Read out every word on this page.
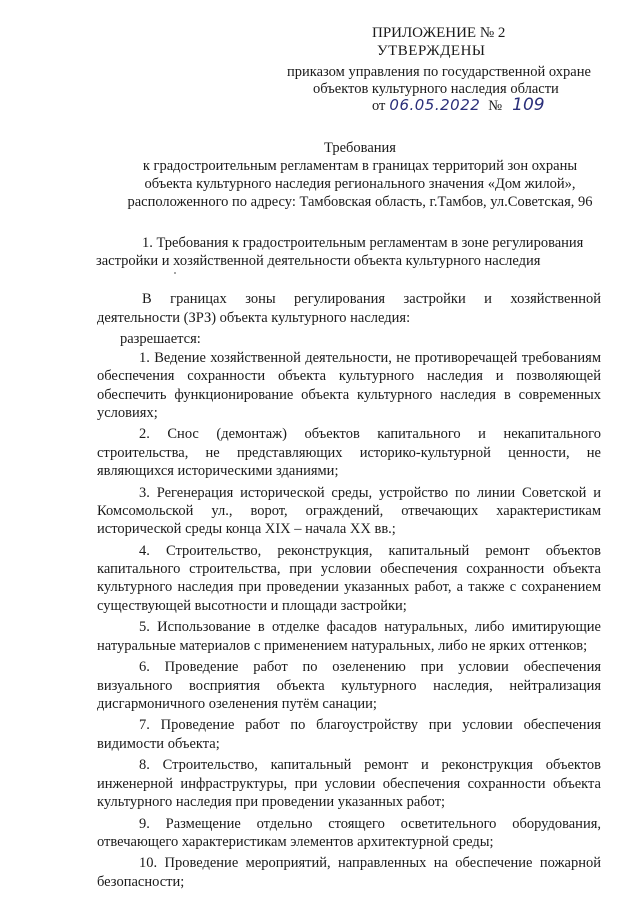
ПРИЛОЖЕНИЕ № 2
УТВЕРЖДЕНЫ
приказом управления по государственной охране
объектов культурного наследия области
от 06.05.2022 № 109
Требования
к градостроительным регламентам в границах территорий зон охраны
объекта культурного наследия регионального значения «Дом жилой»,
расположенного по адресу: Тамбовская область, г.Тамбов, ул.Советская, 96
1. Требования к градостроительным регламентам в зоне регулирования
застройки и хозяйственной деятельности объекта культурного наследия
В границах зоны регулирования застройки и хозяйственной
деятельности (ЗРЗ) объекта культурного наследия:
разрешается:
1. Ведение хозяйственной деятельности, не противоречащей требованиям обеспечения сохранности объекта культурного наследия и позволяющей обеспечить функционирование объекта культурного наследия в современных условиях;
2. Снос (демонтаж) объектов капитального и некапитального строительства, не представляющих историко-культурной ценности, не являющихся историческими зданиями;
3. Регенерация исторической среды, устройство по линии Советской и Комсомольской ул., ворот, ограждений, отвечающих характеристикам исторической среды конца XIX – начала XX вв.;
4. Строительство, реконструкция, капитальный ремонт объектов капитального строительства, при условии обеспечения сохранности объекта культурного наследия при проведении указанных работ, а также с сохранением существующей высотности и площади застройки;
5. Использование в отделке фасадов натуральных, либо имитирующие натуральные материалов с применением натуральных, либо не ярких оттенков;
6. Проведение работ по озеленению при условии обеспечения визуального восприятия объекта культурного наследия, нейтрализация дисгармоничного озеленения путём санации;
7. Проведение работ по благоустройству при условии обеспечения видимости объекта;
8. Строительство, капитальный ремонт и реконструкция объектов инженерной инфраструктуры, при условии обеспечения сохранности объекта культурного наследия при проведении указанных работ;
9. Размещение отдельно стоящего осветительного оборудования, отвечающего характеристикам элементов архитектурной среды;
10. Проведение мероприятий, направленных на обеспечение пожарной безопасности;
